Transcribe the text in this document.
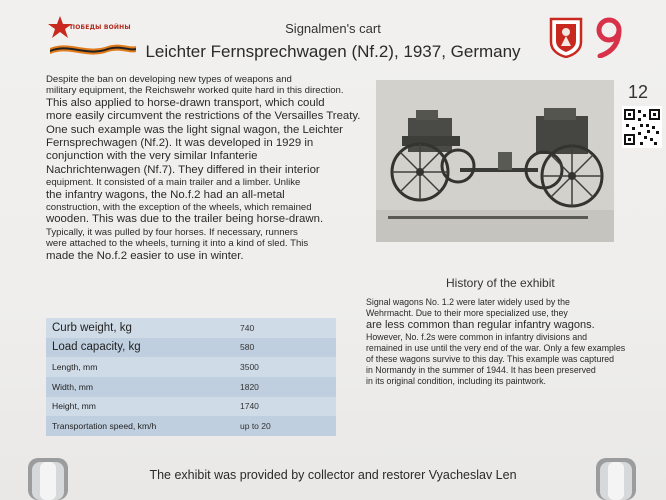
ПОБЕДЫ ВОЙНЫ	Signalmen's cart
Leichter Fernsprechwagen (Nf.2), 1937, Germany
Despite the ban on developing new types of weapons and
military equipment, the Reichswehr worked quite hard in this direction.
This also applied to horse-drawn transport, which could
more easily circumvent the restrictions of the Versailles Treaty.
One such example was the light signal wagon, the Leichter
Fernsprechwagen (Nf.2). It was developed in 1929 in
conjunction with the very similar Infanterie
Nachrichtenwagen (Nf.7). They differed in their interior
equipment. It consisted of a main trailer and a limber. Unlike
the infantry wagons, the No.f.2 had an all-metal
construction, with the exception of the wheels, which remained
wooden. This was due to the trailer being horse-drawn.
Typically, it was pulled by four horses. If necessary, runners
were attached to the wheels, turning it into a kind of sled. This
made the No.f.2 easier to use in winter.
12
History of the exhibit
Signal wagons No. 1.2 were later widely used by the
Wehrmacht. Due to their more specialized use, they
are less common than regular infantry wagons.
However, No. f.2s were common in infantry divisions and
remained in use until the very end of the war. Only a few examples
of these wagons survive to this day. This example was captured
in Normandy in the summer of 1944. It has been preserved
in its original condition, including its paintwork.
Curb weight, kg	740
Load capacity, kg	580
Length, mm	3500
Width, mm	1820
Height, mm	1740
Transportation speed, km/h	up to 20
The exhibit was provided by collector and restorer Vyacheslav Len
